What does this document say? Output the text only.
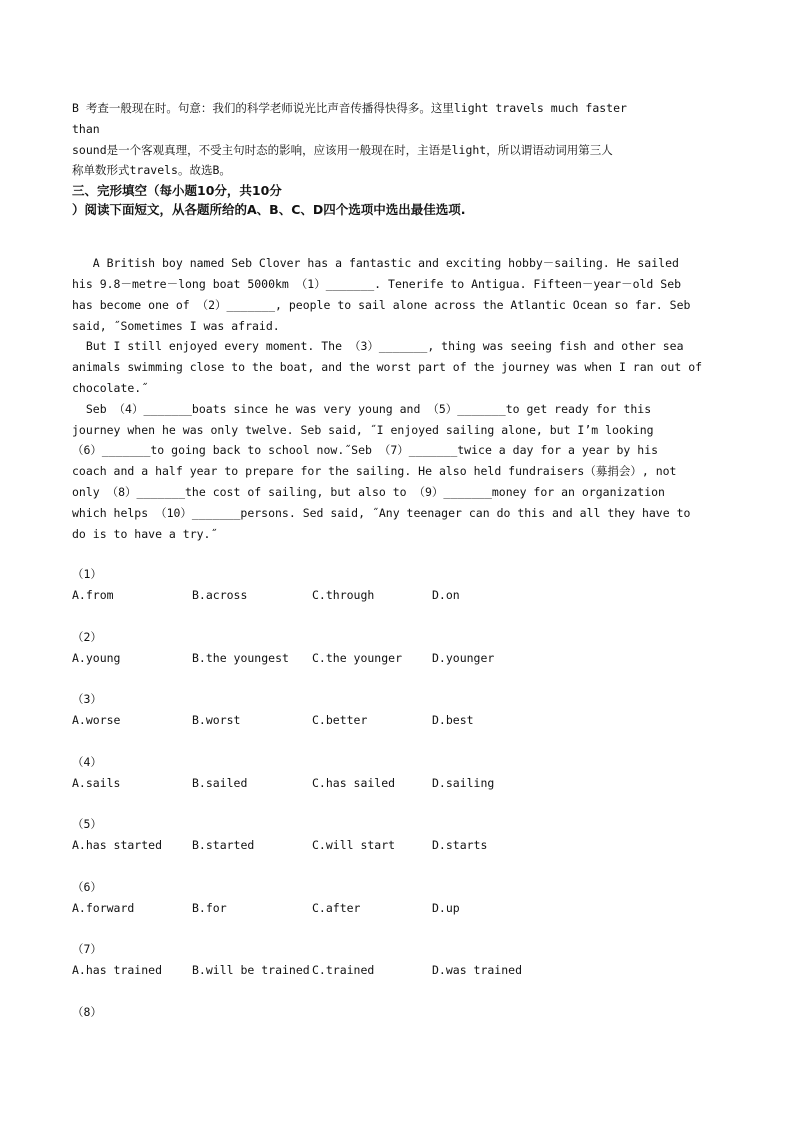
B 考查一般现在时。句意：我们的科学老师说光比声音传播得快得多。这里light travels much faster
than
sound是一个客观真理，不受主句时态的影响，应该用一般现在时，主语是light，所以谓语动词用第三人
称单数形式travels。故选B。
三、完形填空（每小题10分，共10分
）阅读下面短文，从各题所给的A、B、C、D四个选项中选出最佳选项.
A British boy named Seb Clover has a fantastic and exciting hobby－sailing. He sailed
his 9.8－metre－long boat 5000km （1）_______. Tenerife to Antigua. Fifteen－year－old Seb
has become one of （2）_______, people to sail alone across the Atlantic Ocean so far. Seb
said, ˝Sometimes I was afraid.
But I still enjoyed every moment. The （3）_______, thing was seeing fish and other sea
animals swimming close to the boat, and the worst part of the journey was when I ran out of
chocolate.˝
Seb （4）_______boats since he was very young and （5）_______to get ready for this
journey when he was only twelve. Seb said, ˝I enjoyed sailing alone, but I’m looking
（6）_______to going back to school now.˝Seb （7）_______twice a day for a year by his
coach and a half year to prepare for the sailing. He also held fundraisers（募捐会）, not
only （8）_______the cost of sailing, but also to （9）_______money for an organization
which helps （10）_______persons. Sed said, ˝Any teenager can do this and all they have to
do is to have a try.˝
（1）
A.from	B.across	C.through	D.on
（2）
A.young	B.the youngest	C.the younger	D.younger
（3）
A.worse	B.worst	C.better	D.best
（4）
A.sails	B.sailed	C.has sailed	D.sailing
（5）
A.has started	B.started	C.will start	D.starts
（6）
A.forward	B.for	C.after	D.up
（7）
A.has trained	B.will be trained C.trained	D.was trained
（8）
